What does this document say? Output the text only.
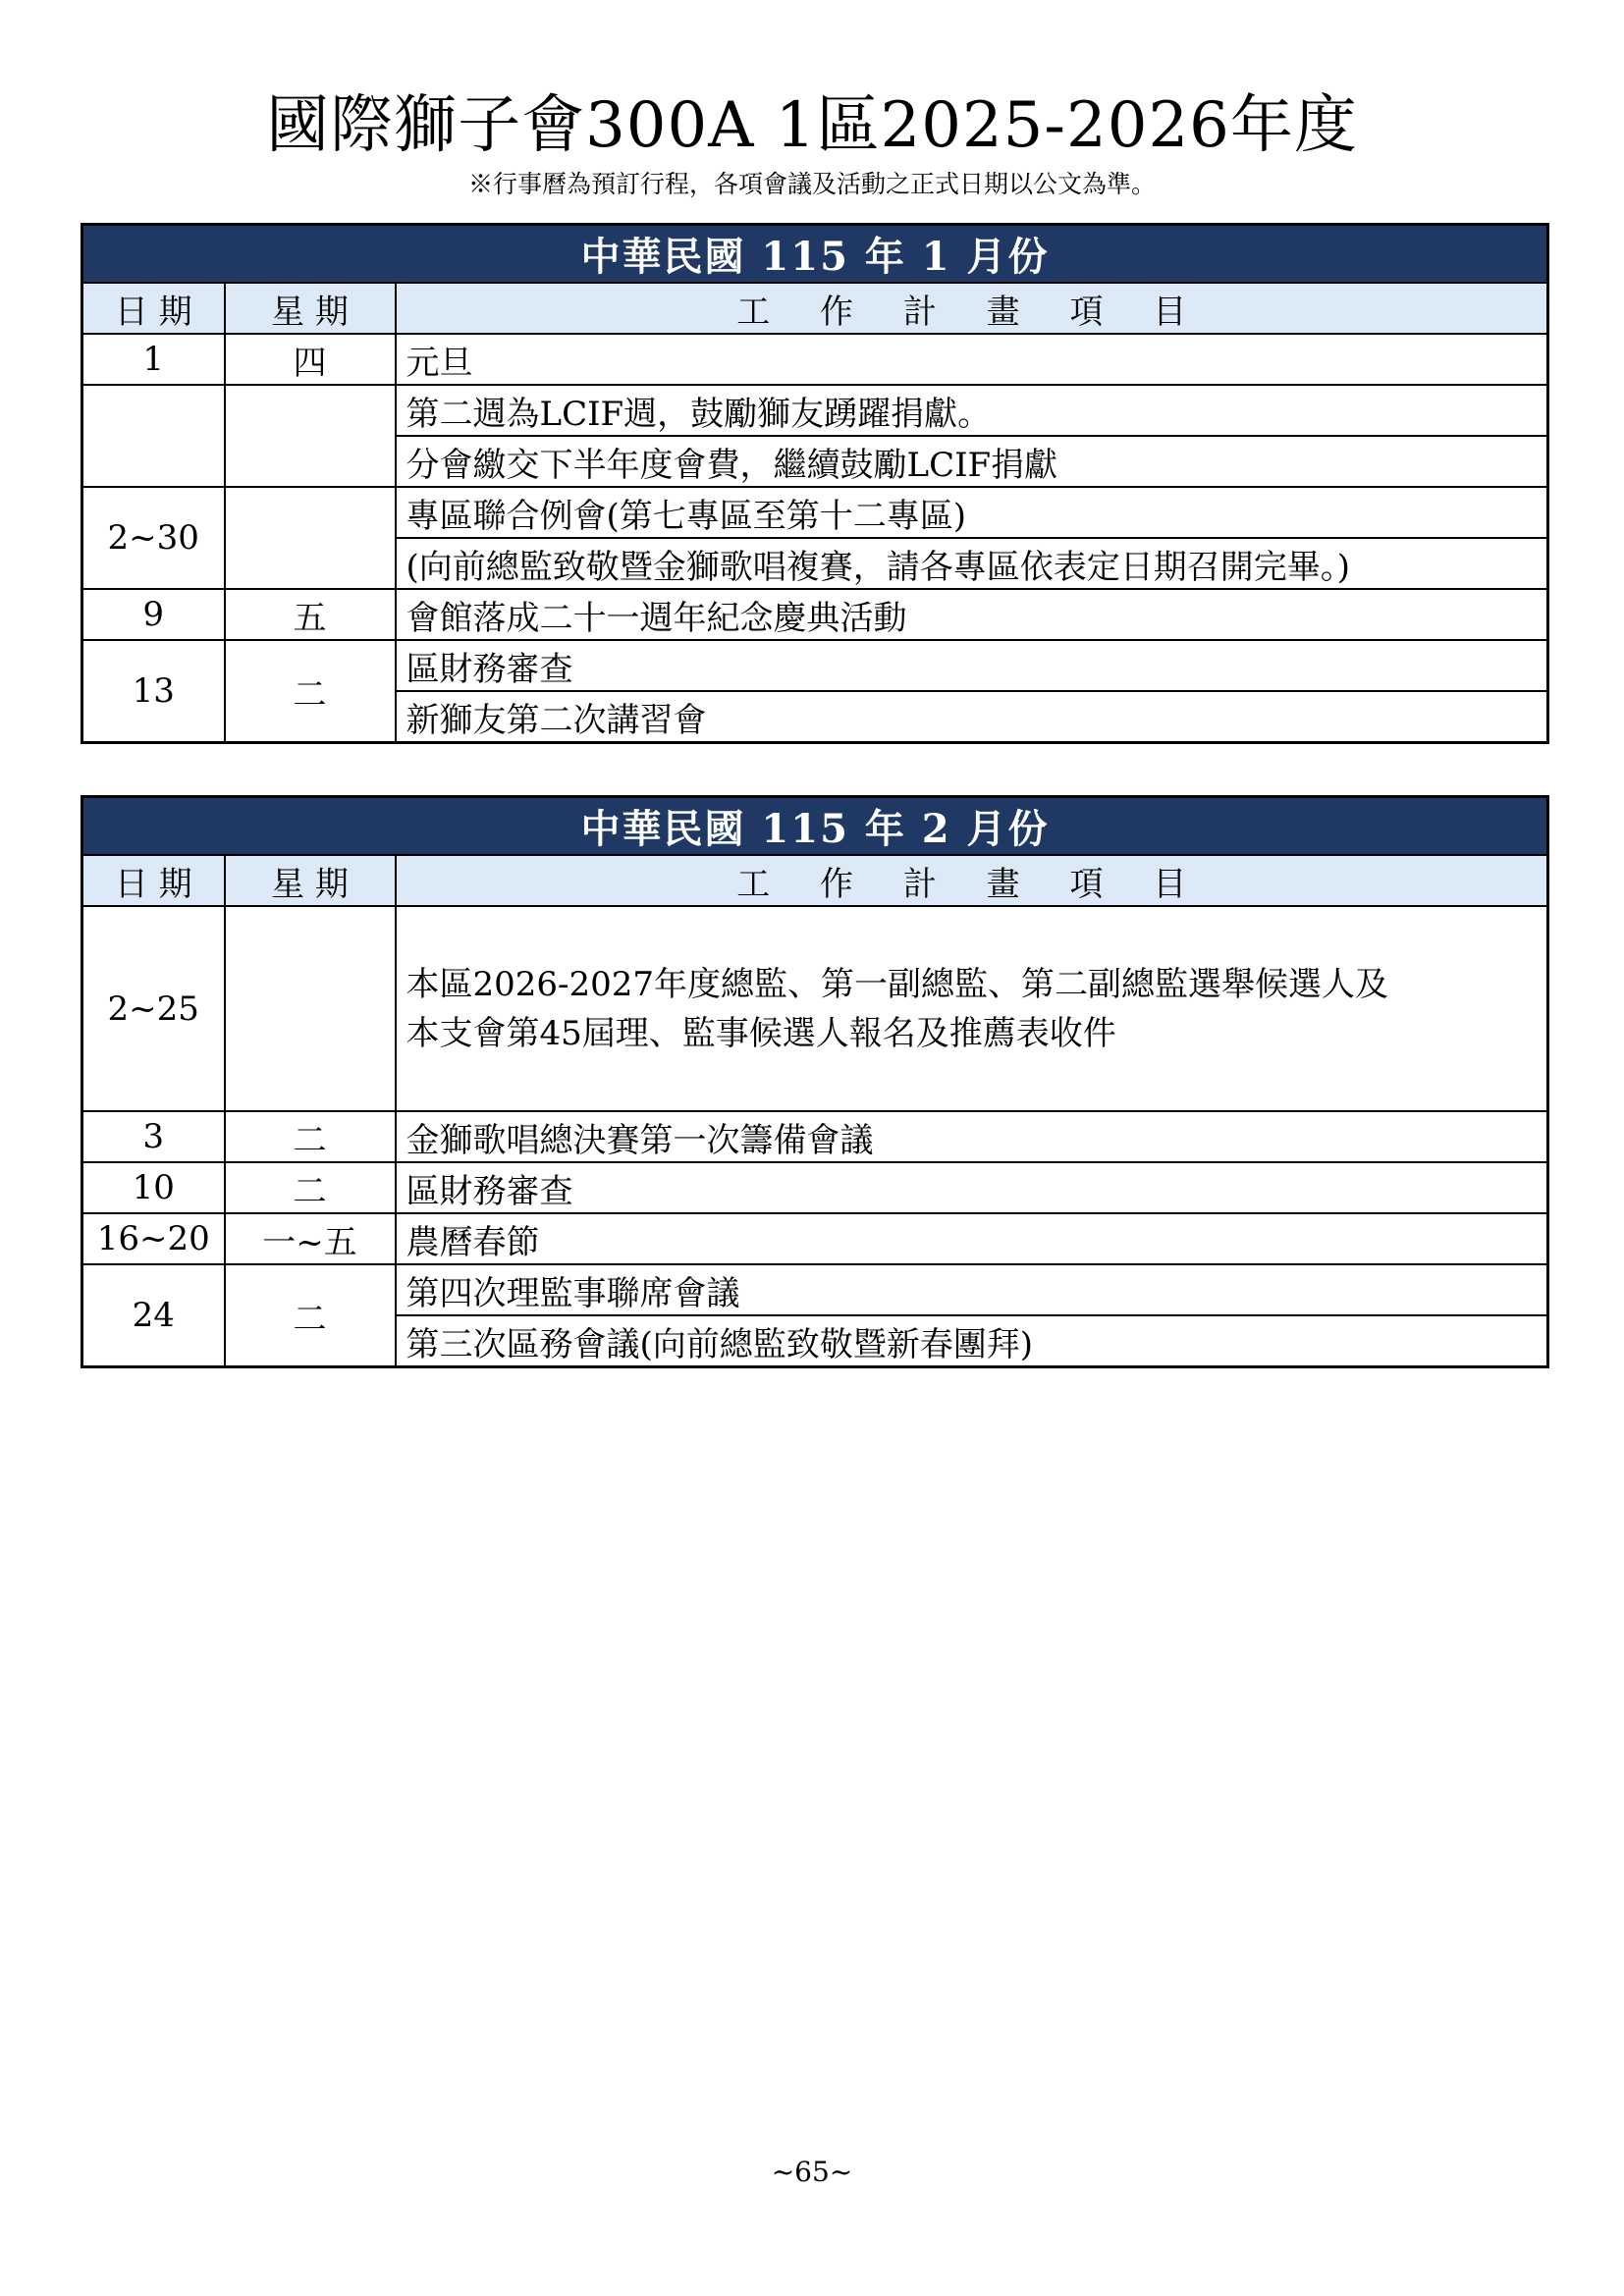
國際獅子會300A 1區2025-2026年度
※行事曆為預訂行程，各項會議及活動之正式日期以公文為準。
中華民國 115 年 1 月份		
日 期	星 期	工 作 計 畫 項 目
1	四	元旦
		第二週為LCIF週，鼓勵獅友踴躍捐獻。
		分會繳交下半年度會費，繼續鼓勵LCIF捐獻
2~30		專區聯合例會(第七專區至第十二專區)
		(向前總監致敬暨金獅歌唱複賽，請各專區依表定日期召開完畢。)
9	五	會館落成二十一週年紀念慶典活動
13	二	區財務審查
		新獅友第二次講習會
中華民國 115 年 2 月份		
日 期	星 期	工 作 計 畫 項 目
2~25		本區2026-2027年度總監、第一副總監、第二副總監選舉候選人及
本支會第45屆理、監事候選人報名及推薦表收件

3	二	金獅歌唱總決賽第一次籌備會議
10	二	區財務審查
16~20	一~五	農曆春節
24	二	第四次理監事聯席會議
		第三次區務會議(向前總監致敬暨新春團拜)
~65~
